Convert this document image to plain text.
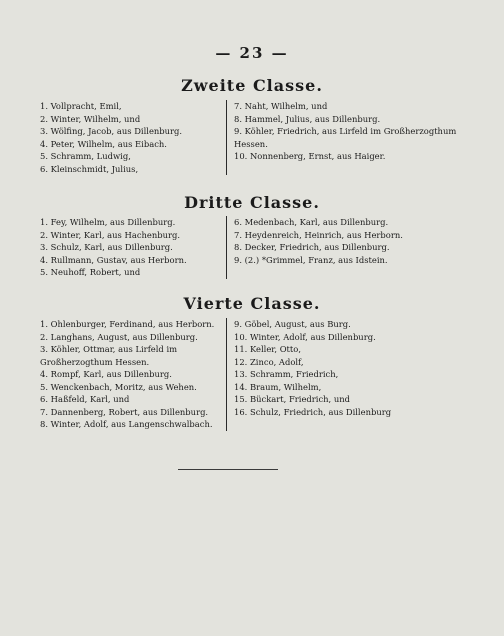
— 23 —
Zweite Classe.
1. Vollpracht, Emil,
2. Winter, Wilhelm, und
3. Wölfing, Jacob, aus Dillenburg.
4. Peter, Wilhelm, aus Eibach.
5. Schramm, Ludwig,
6. Kleinschmidt, Julius,
7. Naht, Wilhelm, und
8. Hammel, Julius, aus Dillenburg.
9. Köhler, Friedrich, aus Lirfeld im Großherzogthum Hessen.
10. Nonnenberg, Ernst, aus Haiger.
Dritte Classe.
1. Fey, Wilhelm, aus Dillenburg.
2. Winter, Karl, aus Hachenburg.
3. Schulz, Karl, aus Dillenburg.
4. Rullmann, Gustav, aus Herborn.
5. Neuhoff, Robert, und
6. Medenbach, Karl, aus Dillenburg.
7. Heydenreich, Heinrich, aus Herborn.
8. Decker, Friedrich, aus Dillenburg.
9. (2.) *Grimmel, Franz, aus Idstein.
Vierte Classe.
1. Ohlenburger, Ferdinand, aus Herborn.
2. Langhans, August, aus Dillenburg.
3. Köhler, Ottmar, aus Lirfeld im Großherzogthum Hessen.
4. Rompf, Karl, aus Dillenburg.
5. Wenckenbach, Moritz, aus Wehen.
6. Haßfeld, Karl, und
7. Dannenberg, Robert, aus Dillenburg.
8. Winter, Adolf, aus Langenschwalbach.
9. Göbel, August, aus Burg.
10. Winter, Adolf, aus Dillenburg.
11. Keller, Otto,
12. Zinco, Adolf,
13. Schramm, Friedrich,
14. Braum, Wilhelm,
15. Bückart, Friedrich, und
16. Schulz, Friedrich, aus Dillenburg
